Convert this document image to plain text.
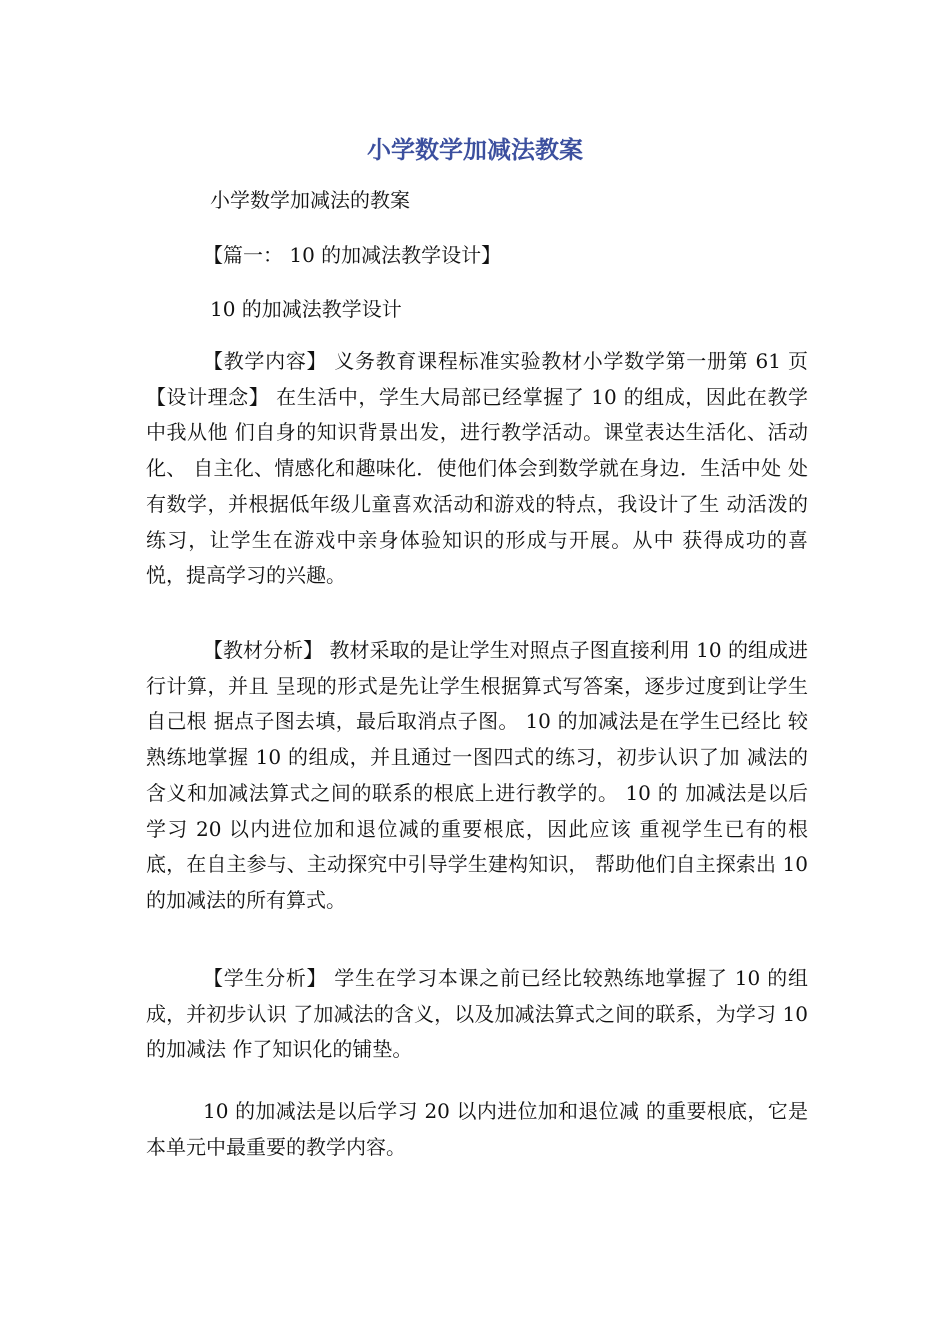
小学数学加减法教案

小学数学加减法的教案

【篇一： 10 的加减法教学设计】

10 的加减法教学设计

【教学内容】 义务教育课程标准实验教材小学数学第一册第 61 页 【设计理念】 在生活中，学生大局部已经掌握了 10 的组成，因此在教学中我从他 们自身的知识背景出发，进行教学活动。课堂表达生活化、活动化、 自主化、情感化和趣味化．使他们体会到数学就在身边．生活中处 处有数学，并根据低年级儿童喜欢活动和游戏的特点，我设计了生 动活泼的练习，让学生在游戏中亲身体验知识的形成与开展。从中 获得成功的喜悦，提高学习的兴趣。

【教材分析】 教材采取的是让学生对照点子图直接利用 10 的组成进行计算，并且 呈现的形式是先让学生根据算式写答案，逐步过度到让学生自己根 据点子图去填，最后取消点子图。 10 的加减法是在学生已经比 较熟练地掌握 10 的组成，并且通过一图四式的练习，初步认识了加 减法的含义和加减法算式之间的联系的根底上进行教学的。 10 的 加减法是以后学习 20 以内进位加和退位减的重要根底，因此应该 重视学生已有的根底，在自主参与、主动探究中引导学生建构知识， 帮助他们自主探索出 10 的加减法的所有算式。

【学生分析】 学生在学习本课之前已经比较熟练地掌握了 10 的组成，并初步认识 了加减法的含义，以及加减法算式之间的联系，为学习 10 的加减法 作了知识化的铺垫。

10 的加减法是以后学习 20 以内进位加和退位减 的重要根底，它是本单元中最重要的教学内容。
